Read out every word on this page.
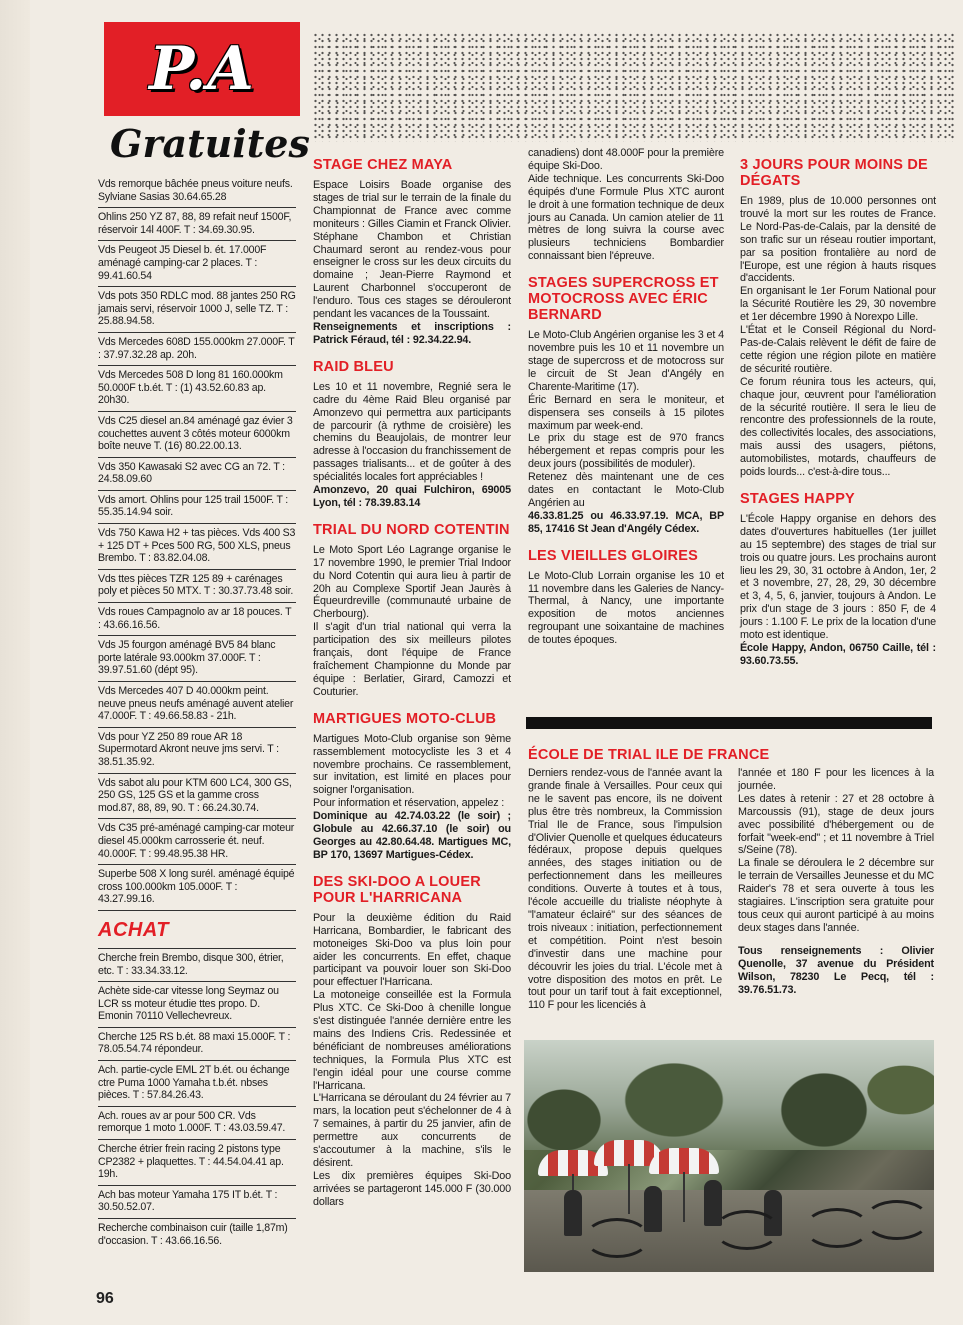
P.A
Gratuites
Vds remorque bâchée pneus voiture neufs. Sylviane Sasias 30.64.65.28
Ohlins 250 YZ 87, 88, 89 refait neuf 1500F, réservoir 14l 400F. T : 34.69.30.95.
Vds Peugeot J5 Diesel b. ét. 17.000F aménagé camping-car 2 places. T : 99.41.60.54
Vds pots 350 RDLC mod. 88 jantes 250 RG jamais servi, réservoir 1000 J, selle TZ. T : 25.88.94.58.
Vds Mercedes 608D 155.000km 27.000F. T : 37.97.32.28 ap. 20h.
Vds Mercedes 508 D long 81 160.000km 50.000F t.b.ét. T : (1) 43.52.60.83 ap. 20h30.
Vds C25 diesel an.84 aménagé gaz évier 3 couchettes auvent 3 côtés moteur 6000km boîte neuve T. (16) 80.22.00.13.
Vds 350 Kawasaki S2 avec CG an 72. T : 24.58.09.60
Vds amort. Ohlins pour 125 trail 1500F. T : 55.35.14.94 soir.
Vds 750 Kawa H2 + tas pièces. Vds 400 S3 + 125 DT + Pces 500 RG, 500 XLS, pneus Brembo. T : 83.82.04.08.
Vds ttes pièces TZR 125 89 + carénages poly et pièces 50 MTX. T : 30.37.73.48 soir.
Vds roues Campagnolo av ar 18 pouces. T : 43.66.16.56.
Vds J5 fourgon aménagé BV5 84 blanc porte latérale 93.000km 37.000F. T : 39.97.51.60 (dépt 95).
Vds Mercedes 407 D 40.000km peint. neuve pneus neufs aménagé auvent atelier 47.000F. T : 49.66.58.83 - 21h.
Vds pour YZ 250 89 roue AR 18 Supermotard Akront neuve jms servi. T : 38.51.35.92.
Vds sabot alu pour KTM 600 LC4, 300 GS, 250 GS, 125 GS et la gamme cross mod.87, 88, 89, 90. T : 66.24.30.74.
Vds C35 pré-aménagé camping-car moteur diesel 45.000km carrosserie ét. neuf. 40.000F. T : 99.48.95.38 HR.
Superbe 508 X long surél. aménagé équipé cross 100.000km 105.000F. T : 43.27.99.16.
ACHAT
Cherche frein Brembo, disque 300, étrier, etc. T : 33.34.33.12.
Achète side-car vitesse long Seymaz ou LCR ss moteur étudie ttes propo. D. Emonin 70110 Vellechevreux.
Cherche 125 RS b.ét. 88 maxi 15.000F. T : 78.05.54.74 répondeur.
Ach. partie-cycle EML 2T b.ét. ou échange ctre Puma 1000 Yamaha t.b.ét. nbses pièces. T : 57.84.26.43.
Ach. roues av ar pour 500 CR. Vds remorque 1 moto 1.000F. T : 43.03.59.47.
Cherche étrier frein racing 2 pistons type CP2382 + plaquettes. T : 44.54.04.41 ap. 19h.
Ach bas moteur Yamaha 175 IT b.ét. T : 30.50.52.07.
Recherche combinaison cuir (taille 1,87m) d'occasion. T : 43.66.16.56.
STAGE CHEZ MAYA

Espace Loisirs Boade organise des stages de trial sur le terrain de la finale du Championnat de France avec comme moniteurs : Gilles Ciamin et Franck Olivier. Stéphane Chambon et Christian Chaumard seront au rendez-vous pour enseigner le cross sur les deux circuits du domaine ; Jean-Pierre Raymond et Laurent Charbonnel s'occuperont de l'enduro. Tous ces stages se dérouleront pendant les vacances de la Toussaint.

Renseignements et inscriptions : Patrick Féraud, tél : 92.34.22.94.

RAID BLEU

Les 10 et 11 novembre, Regnié sera le cadre du 4ème Raid Bleu organisé par Amonzevo qui permettra aux participants de parcourir (à rythme de croisière) les chemins du Beaujolais, de montrer leur adresse à l'occasion du franchissement de passages trialisants... et de goûter à des spécialités locales fort appréciables !

Amonzevo, 20 quai Fulchiron, 69005 Lyon, tél : 78.39.83.14

TRIAL DU NORD COTENTIN

Le Moto Sport Léo Lagrange organise le 17 novembre 1990, le premier Trial Indoor du Nord Cotentin qui aura lieu à partir de 20h au Complexe Sportif Jean Jaurès à Équeurdreville (communauté urbaine de Cherbourg).

Il s'agit d'un trial national qui verra la participation des six meilleurs pilotes français, dont l'équipe de France fraîchement Championne du Monde par équipe : Berlatier, Girard, Camozzi et Couturier.

MARTIGUES MOTO-CLUB

Martigues Moto-Club organise son 9ème rassemblement motocycliste les 3 et 4 novembre prochains. Ce rassemblement, sur invitation, est limité en places pour soigner l'organisation.

Pour information et réservation, appelez :

Dominique au 42.74.03.22 (le soir) ; Globule au 42.66.37.10 (le soir) ou Georges au 42.80.64.48. Martigues MC, BP 170, 13697 Martigues-Cédex.

DES SKI-DOO A LOUER POUR L'HARRICANA

Pour la deuxième édition du Raid Harricana, Bombardier, le fabricant des motoneiges Ski-Doo va plus loin pour aider les concurrents. En effet, chaque participant va pouvoir louer son Ski-Doo pour effectuer l'Harricana.

La motoneige conseillée est la Formula Plus XTC. Ce Ski-Doo à chenille longue s'est distinguée l'année dernière entre les mains des Indiens Cris. Redessinée et bénéficiant de nombreuses améliorations techniques, la Formula Plus XTC est l'engin idéal pour une course comme l'Harricana.

L'Harricana se déroulant du 24 février au 7 mars, la location peut s'échelonner de 4 à 7 semaines, à partir du 25 janvier, afin de permettre aux concurrents de s'accoutumer à la machine, s'ils le désirent.

Les dix premières équipes Ski-Doo arrivées se partageront 145.000 F (30.000 dollars

canadiens) dont 48.000F pour la première équipe Ski-Doo.

Aide technique. Les concurrents Ski-Doo équipés d'une Formule Plus XTC auront le droit à une formation technique de deux jours au Canada. Un camion atelier de 11 mètres de long suivra la course avec plusieurs techniciens Bombardier connaissant bien l'épreuve.

STAGES SUPERCROSS ET MOTOCROSS AVEC ÉRIC BERNARD

Le Moto-Club Angérien organise les 3 et 4 novembre puis les 10 et 11 novembre un stage de supercross et de motocross sur le circuit de St Jean d'Angély en Charente-Maritime (17).

Éric Bernard en sera le moniteur, et dispensera ses conseils à 15 pilotes maximum par week-end.

Le prix du stage est de 970 francs hébergement et repas compris pour les deux jours (possibilités de moduler).

Retenez dès maintenant une de ces dates en contactant le Moto-Club Angérien au

46.33.81.25 ou 46.33.97.19. MCA, BP 85, 17416 St Jean d'Angély Cédex.

LES VIEILLES GLOIRES

Le Moto-Club Lorrain organise les 10 et 11 novembre dans les Galeries de Nancy-Thermal, à Nancy, une importante exposition de motos anciennes regroupant une soixantaine de machines de toutes époques.

3 JOURS POUR MOINS DE DÉGATS

En 1989, plus de 10.000 personnes ont trouvé la mort sur les routes de France. Le Nord-Pas-de-Calais, par la densité de son trafic sur un réseau routier important, par sa position frontalière au nord de l'Europe, est une région à hauts risques d'accidents.

En organisant le 1er Forum National pour la Sécurité Routière les 29, 30 novembre et 1er décembre 1990 à Norexpo Lille.

L'État et le Conseil Régional du Nord-Pas-de-Calais relèvent le défit de faire de cette région une région pilote en matière de sécurité routière.

Ce forum réunira tous les acteurs, qui, chaque jour, œuvrent pour l'amélioration de la sécurité routière. Il sera le lieu de rencontre des professionnels de la route, des collectivités locales, des associations, mais aussi des usagers, piétons, automobilistes, motards, chauffeurs de poids lourds... c'est-à-dire tous...

STAGES HAPPY

L'École Happy organise en dehors des dates d'ouvertures habituelles (1er juillet au 15 septembre) des stages de trial sur trois ou quatre jours. Les prochains auront lieu les 29, 30, 31 octobre à Andon, 1er, 2 et 3 novembre, 27, 28, 29, 30 décembre et 3, 4, 5, 6, janvier, toujours à Andon. Le prix d'un stage de 3 jours : 850 F, de 4 jours : 1.100 F. Le prix de la location d'une moto est identique.

École Happy, Andon, 06750 Caille, tél : 93.60.73.55.

ÉCOLE DE TRIAL ILE DE FRANCE

Derniers rendez-vous de l'année avant la grande finale à Versailles. Pour ceux qui ne le savent pas encore, ils ne doivent plus être très nombreux, la Commission Trial Ile de France, sous l'impulsion d'Olivier Quenolle et quelques éducateurs fédéraux, propose depuis quelques années, des stages initiation ou de perfectionnement dans les meilleures conditions. Ouverte à toutes et à tous, l'école accueille du trialiste néophyte à "l'amateur éclairé" sur des séances de trois niveaux : initiation, perfectionnement et compétition. Point n'est besoin d'investir dans une machine pour découvrir les joies du trial. L'école met à votre disposition des motos en prêt. Le tout pour un tarif tout à fait exceptionnel, 110 F pour les licenciés à

l'année et 180 F pour les licences à la journée.

Les dates à retenir : 27 et 28 octobre à Marcoussis (91), stage de deux jours avec possibilité d'hébergement ou de forfait "week-end" ; et 11 novembre à Triel s/Seine (78).

La finale se déroulera le 2 décembre sur le terrain de Versailles Jeunesse et du MC Raider's 78 et sera ouverte à tous les stagiaires. L'inscription sera gratuite pour tous ceux qui auront participé à au moins deux stages dans l'année.

Tous renseignements : Olivier Quenolle, 37 avenue du Président Wilson, 78230 Le Pecq, tél : 39.76.51.73.

96
